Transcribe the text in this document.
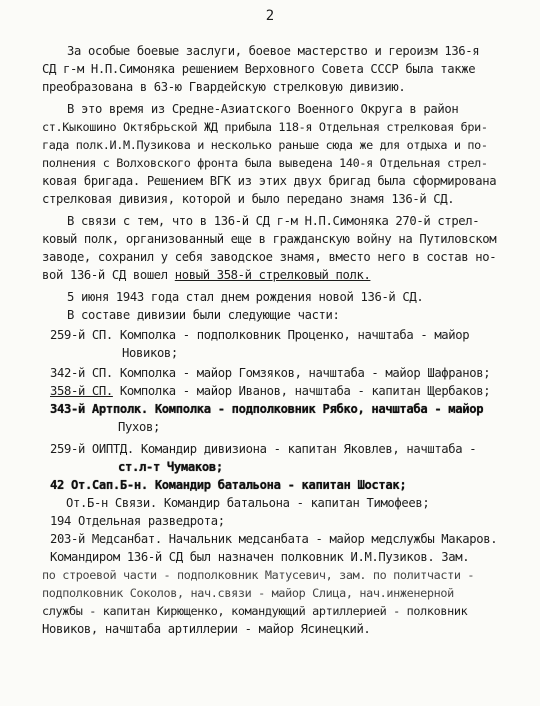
2
За особые боевые заслуги, боевое мастерство и героизм 136-я
СД г-м Н.П.Симоняка решением Верховного Совета СССР была также
преобразована в 63-ю Гвардейскую стрелковую дивизию.
В это время из Средне-Азиатского Военного Округа в район
ст.Кыкошино Октябрьской ЖД прибыла 118-я Отдельная стрелковая бри-
гада полк.И.М.Пузикова и несколько раньше сюда же для отдыха и по-
полнения с Волховского фронта была выведена 140-я Отдельная стрел-
ковая бригада. Решением ВГК из этих двух бригад была сформирована
стрелковая дивизия, которой и было передано знамя 136-й СД.
В связи с тем, что в 136-й СД г-м Н.П.Симоняка 270-й стрел-
ковый полк, организованный еще в гражданскую войну на Путиловском
заводе, сохранил у себя заводское знамя, вместо него в состав но-
вой 136-й СД вошел новый 358-й стрелковый полк.
5 июня 1943 года стал днем рождения новой 136-й СД.
В составе дивизии были следующие части:
259-й СП. Комполка - подполковник Проценко, начштаба - майор
Новиков;
342-й СП. Комполка - майор Гомзяков, начштаба - майор Шафранов;
358-й СП. Комполка - майор Иванов, начштаба - капитан Щербаков;
343-й Артполк. Комполка - подполковник Рябко, начштаба - майор
Пухов;
259-й ОИПТД. Командир дивизиона - капитан Яковлев, начштаба -
ст.л-т Чумаков;
42 От.Сап.Б-н. Командир батальона - капитан Шостак;
От.Б-н Связи. Командир батальона - капитан Тимофеев;
194 Отдельная разведрота;
203-й Медсанбат. Начальник медсанбата - майор медслужбы Макаров.
Командиром 136-й СД был назначен полковник И.М.Пузиков. Зам.
по строевой части - подполковник Матусевич, зам. по политчасти -
подполковник Соколов, нач.связи - майор Слица, нач.инженерной
службы - капитан Кирющенко, командующий артиллерией - полковник
Новиков, начштаба артиллерии - майор Ясинецкий.
